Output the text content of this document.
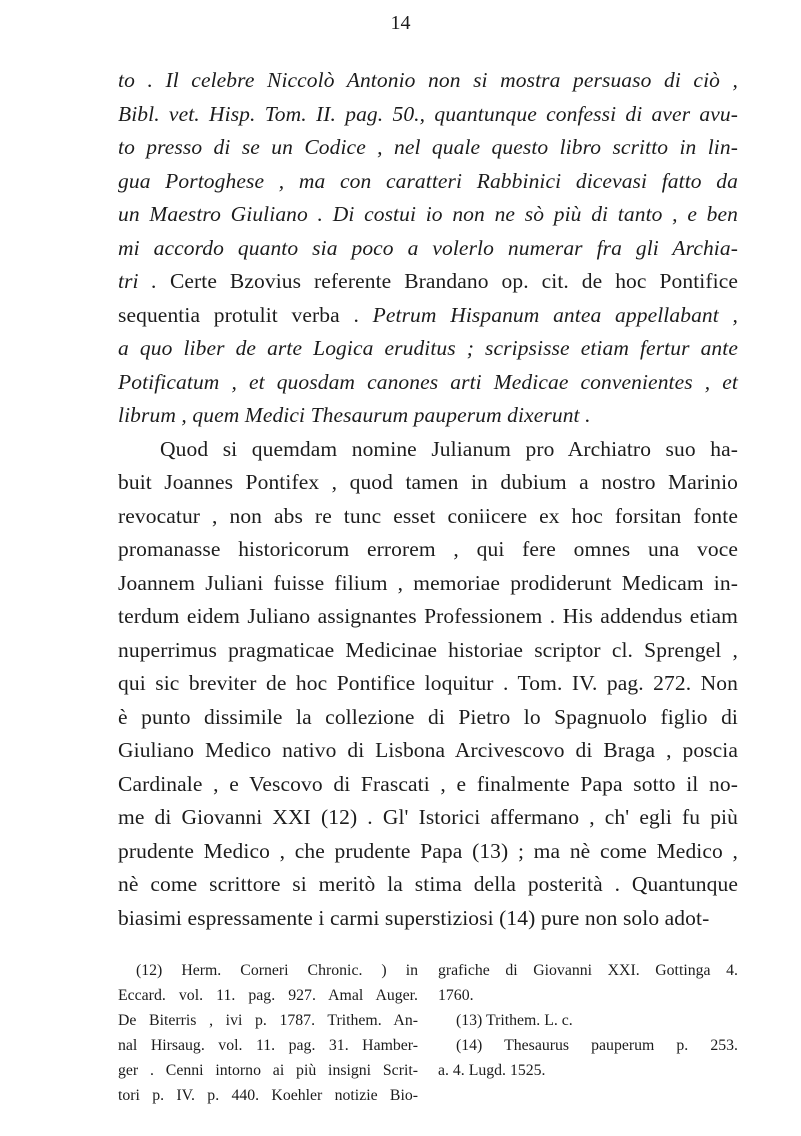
14
to . Il celebre Niccolò Antonio non si mostra persuaso di ciò ,
Bibl. vet. Hisp. Tom. II. pag. 50., quantunque confessi di aver avu-
to presso di se un Codice , nel quale questo libro scritto in lin-
gua Portoghese , ma con caratteri Rabbinici dicevasi fatto da
un Maestro Giuliano . Di costui io non ne sò più di tanto , e ben
mi accordo quanto sia poco a volerlo numerar fra gli Archia-
tri . Certe Bzovius referente Brandano op. cit. de hoc Pontifice
sequentia protulit verba . Petrum Hispanum antea appellabant ,
a quo liber de arte Logica eruditus ; scripsisse etiam fertur ante
Potificatum , et quosdam canones arti Medicae convenientes , et
librum , quem Medici Thesaurum pauperum dixerunt .
Quod si quemdam nomine Julianum pro Archiatro suo ha-
buit Joannes Pontifex , quod tamen in dubium a nostro Marinio
revocatur , non abs re tunc esset coniicere ex hoc forsitan fonte
promanasse historicorum errorem , qui fere omnes una voce
Joannem Juliani fuisse filium , memoriae prodiderunt Medicam in-
terdum eidem Juliano assignantes Professionem . His addendus etiam
nuperrimus pragmaticae Medicinae historiae scriptor cl. Sprengel ,
qui sic breviter de hoc Pontifice loquitur . Tom. IV. pag. 272. Non
è punto dissimile la collezione di Pietro lo Spagnuolo figlio di
Giuliano Medico nativo di Lisbona Arcivescovo di Braga , poscia
Cardinale , e Vescovo di Frascati , e finalmente Papa sotto il no-
me di Giovanni XXI (12) . Gl' Istorici affermano , ch' egli fu più
prudente Medico , che prudente Papa (13) ; ma nè come Medico ,
nè come scrittore si meritò la stima della posterità . Quantunque
biasimi espressamente i carmi superstiziosi (14) pure non solo adot-
(12) Herm. Corneri Chronic. ) in
Eccard. vol. 11. pag. 927. Amal Auger.
De Biterris , ivi p. 1787. Trithem. An-
nal Hirsaug. vol. 11. pag. 31. Hamber-
ger . Cenni intorno ai più insigni Scrit-
tori p. IV. p. 440. Koehler notizie Bio-
grafiche di Giovanni XXI. Gottinga 4.
1760.
(13) Trithem. L. c.
(14) Thesaurus pauperum p. 253.
a. 4. Lugd. 1525.
